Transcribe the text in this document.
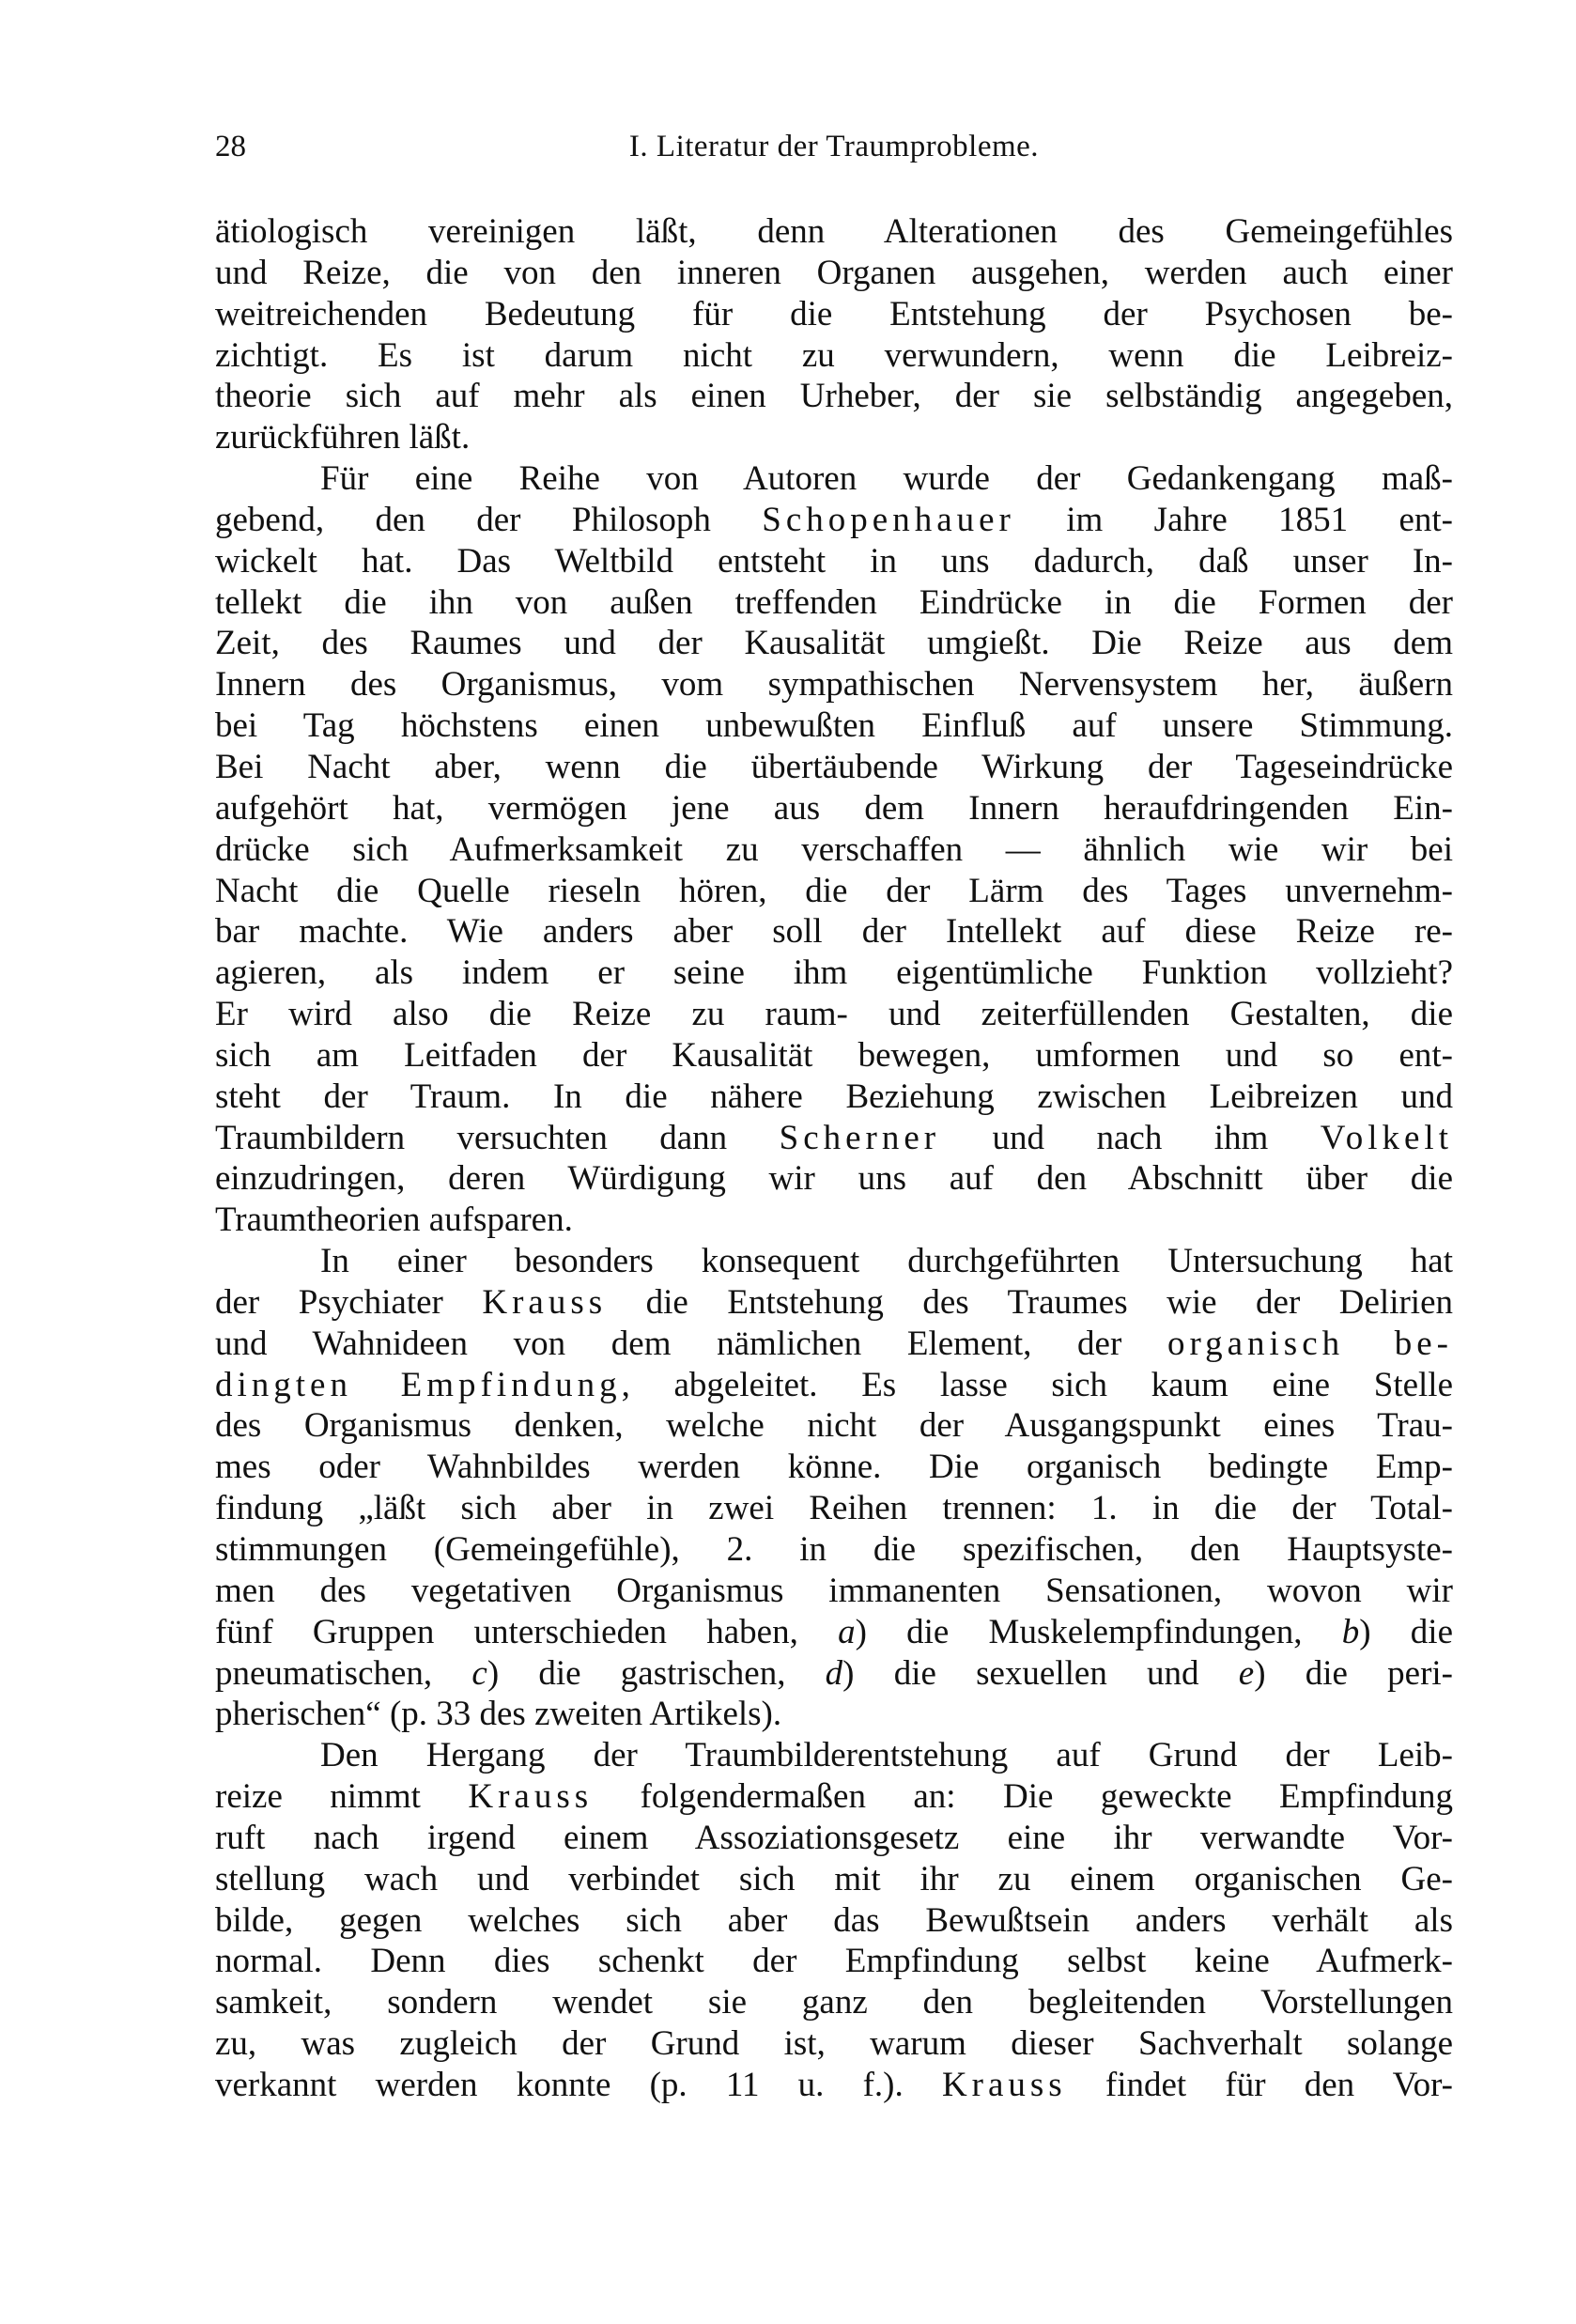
28	I. Literatur der Traumprobleme.
ätiologisch vereinigen läßt, denn Alterationen des Gemeingefühles
und Reize, die von den inneren Organen ausgehen, werden auch einer
weitreichenden Bedeutung für die Entstehung der Psychosen be-
zichtigt. Es ist darum nicht zu verwundern, wenn die Leibreiz-
theorie sich auf mehr als einen Urheber, der sie selbständig angegeben,
zurückführen läßt.
Für eine Reihe von Autoren wurde der Gedankengang maß-
gebend, den der Philosoph Schopenhauer im Jahre 1851 ent-
wickelt hat. Das Weltbild entsteht in uns dadurch, daß unser In-
tellekt die ihn von außen treffenden Eindrücke in die Formen der
Zeit, des Raumes und der Kausalität umgießt. Die Reize aus dem
Innern des Organismus, vom sympathischen Nervensystem her, äußern
bei Tag höchstens einen unbewußten Einfluß auf unsere Stimmung.
Bei Nacht aber, wenn die übertäubende Wirkung der Tageseindrücke
aufgehört hat, vermögen jene aus dem Innern heraufdringenden Ein-
drücke sich Aufmerksamkeit zu verschaffen — ähnlich wie wir bei
Nacht die Quelle rieseln hören, die der Lärm des Tages unvernehm-
bar machte. Wie anders aber soll der Intellekt auf diese Reize re-
agieren, als indem er seine ihm eigentümliche Funktion vollzieht?
Er wird also die Reize zu raum- und zeiterfüllenden Gestalten, die
sich am Leitfaden der Kausalität bewegen, umformen und so ent-
steht der Traum. In die nähere Beziehung zwischen Leibreizen und
Traumbildern versuchten dann Scherner und nach ihm Volkelt
einzudringen, deren Würdigung wir uns auf den Abschnitt über die
Traumtheorien aufsparen.
In einer besonders konsequent durchgeführten Untersuchung hat
der Psychiater Krauss die Entstehung des Traumes wie der Delirien
und Wahnideen von dem nämlichen Element, der organisch be-
dingten Empfindung, abgeleitet. Es lasse sich kaum eine Stelle
des Organismus denken, welche nicht der Ausgangspunkt eines Trau-
mes oder Wahnbildes werden könne. Die organisch bedingte Emp-
findung „läßt sich aber in zwei Reihen trennen: 1. in die der Total-
stimmungen (Gemeingefühle), 2. in die spezifischen, den Hauptsyste-
men des vegetativen Organismus immanenten Sensationen, wovon wir
fünf Gruppen unterschieden haben, a) die Muskelempfindungen, b) die
pneumatischen, c) die gastrischen, d) die sexuellen und e) die peri-
pherischen“ (p. 33 des zweiten Artikels).
Den Hergang der Traumbilderentstehung auf Grund der Leib-
reize nimmt Krauss folgendermaßen an: Die geweckte Empfindung
ruft nach irgend einem Assoziationsgesetz eine ihr verwandte Vor-
stellung wach und verbindet sich mit ihr zu einem organischen Ge-
bilde, gegen welches sich aber das Bewußtsein anders verhält als
normal. Denn dies schenkt der Empfindung selbst keine Aufmerk-
samkeit, sondern wendet sie ganz den begleitenden Vorstellungen
zu, was zugleich der Grund ist, warum dieser Sachverhalt solange
verkannt werden konnte (p. 11 u. f.). Krauss findet für den Vor-
